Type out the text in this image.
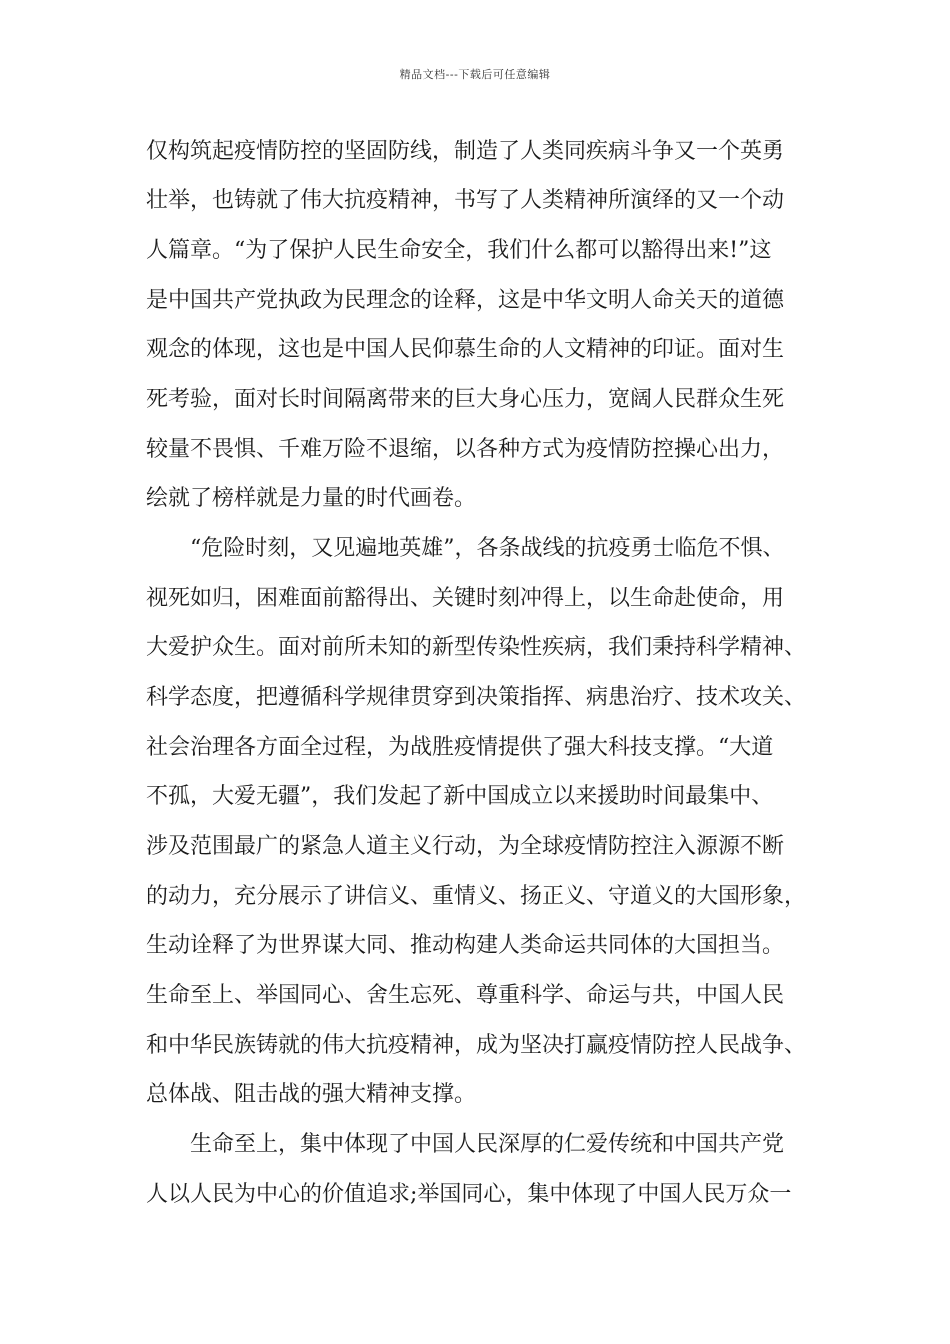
精品文档---下载后可任意编辑
仅构筑起疫情防控的坚固防线，制造了人类同疾病斗争又一个英勇
壮举，也铸就了伟大抗疫精神，书写了人类精神所演绎的又一个动
人篇章。“为了保护人民生命安全，我们什么都可以豁得出来!”这
是中国共产党执政为民理念的诠释，这是中华文明人命关天的道德
观念的体现，这也是中国人民仰慕生命的人文精神的印证。面对生
死考验，面对长时间隔离带来的巨大身心压力，宽阔人民群众生死
较量不畏惧、千难万险不退缩，以各种方式为疫情防控操心出力，
绘就了榜样就是力量的时代画卷。
“危险时刻，又见遍地英雄”，各条战线的抗疫勇士临危不惧、
视死如归，困难面前豁得出、关键时刻冲得上，以生命赴使命，用
大爱护众生。面对前所未知的新型传染性疾病，我们秉持科学精神、
科学态度，把遵循科学规律贯穿到决策指挥、病患治疗、技术攻关、
社会治理各方面全过程，为战胜疫情提供了强大科技支撑。“大道
不孤，大爱无疆”，我们发起了新中国成立以来援助时间最集中、
涉及范围最广的紧急人道主义行动，为全球疫情防控注入源源不断
的动力，充分展示了讲信义、重情义、扬正义、守道义的大国形象，
生动诠释了为世界谋大同、推动构建人类命运共同体的大国担当。
生命至上、举国同心、舍生忘死、尊重科学、命运与共，中国人民
和中华民族铸就的伟大抗疫精神，成为坚决打赢疫情防控人民战争、
总体战、阻击战的强大精神支撑。
生命至上，集中体现了中国人民深厚的仁爱传统和中国共产党
人以人民为中心的价值追求;举国同心，集中体现了中国人民万众一
